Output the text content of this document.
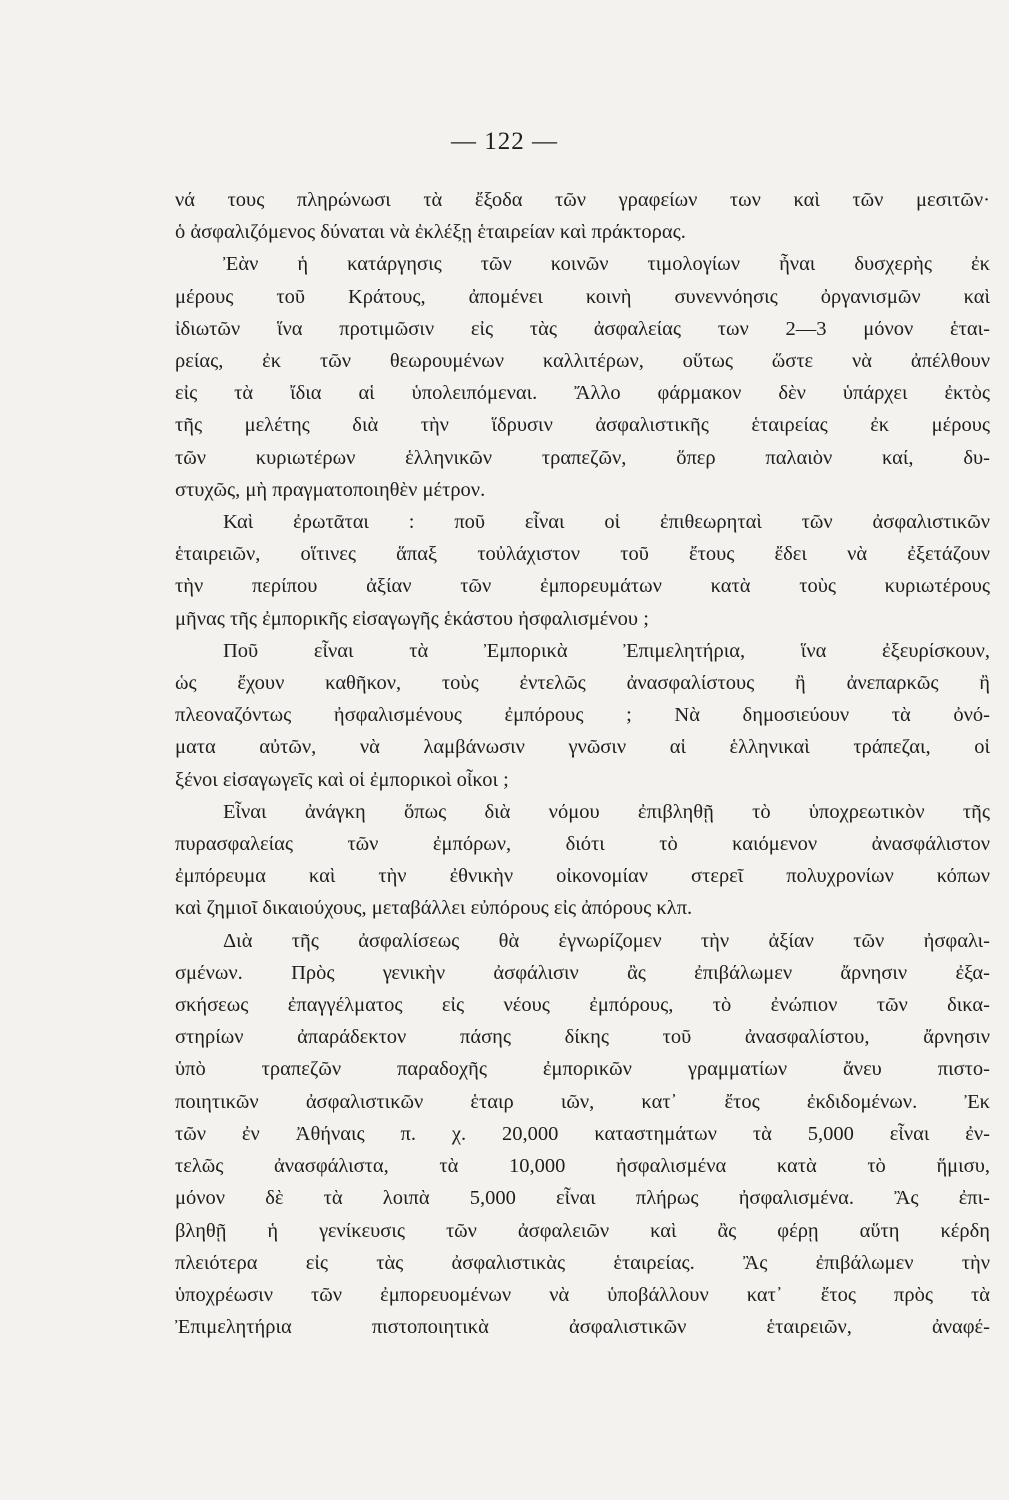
— 122 —
νά τους πληρώνωσι τὰ ἔξοδα τῶν γραφείων των καὶ τῶν μεσιτῶν·
ὁ ἀσφαλιζόμενος δύναται νὰ ἐκλέξῃ ἑταιρείαν καὶ πράκτορας.
Ἐὰν ἡ κατάργησις τῶν κοινῶν τιμολογίων ἦναι δυσχερὴς ἐκ
μέρους τοῦ Κράτους, ἀπομένει κοινὴ συνεννόησις ὀργανισμῶν καὶ
ἰδιωτῶν ἵνα προτιμῶσιν εἰς τὰς ἀσφαλείας των 2—3 μόνον ἑται-
ρείας, ἐκ τῶν θεωρουμένων καλλιτέρων, οὕτως ὥστε νὰ ἀπέλθουν
εἰς τὰ ἴδια αἱ ὑπολειπόμεναι. Ἄλλο φάρμακον δὲν ὑπάρχει ἐκτὸς
τῆς μελέτης διὰ τὴν ἵδρυσιν ἀσφαλιστικῆς ἑταιρείας ἐκ μέρους
τῶν κυριωτέρων ἑλληνικῶν τραπεζῶν, ὅπερ παλαιὸν καί, δυ-
στυχῶς, μὴ πραγματοποιηθὲν μέτρον.
Καὶ ἐρωτᾶται : ποῦ εἶναι οἱ ἐπιθεωρηταὶ τῶν ἀσφαλιστικῶν
ἑταιρειῶν, οἵτινες ἅπαξ τοὐλάχιστον τοῦ ἔτους ἔδει νὰ ἐξετάζουν
τὴν περίπου ἀξίαν τῶν ἐμπορευμάτων κατὰ τοὺς κυριωτέρους
μῆνας τῆς ἐμπορικῆς εἰσαγωγῆς ἑκάστου ἠσφαλισμένου ;
Ποῦ εἶναι τὰ Ἐμπορικὰ Ἐπιμελητήρια, ἵνα ἐξευρίσκουν,
ὡς ἔχουν καθῆκον, τοὺς ἐντελῶς ἀνασφαλίστους ἢ ἀνεπαρκῶς ἢ
πλεοναζόντως ἠσφαλισμένους ἐμπόρους ; Νὰ δημοσιεύουν τὰ ὀνό-
ματα αὐτῶν, νὰ λαμβάνωσιν γνῶσιν αἱ ἑλληνικαὶ τράπεζαι, οἱ
ξένοι εἰσαγωγεῖς καὶ οἱ ἐμπορικοὶ οἶκοι ;
Εἶναι ἀνάγκη ὅπως διὰ νόμου ἐπιβληθῇ τὸ ὑποχρεωτικὸν τῆς
πυρασφαλείας τῶν ἐμπόρων, διότι τὸ καιόμενον ἀνασφάλιστον
ἐμπόρευμα καὶ τὴν ἐθνικὴν οἰκονομίαν στερεῖ πολυχρονίων κόπων
καὶ ζημιοῖ δικαιούχους, μεταβάλλει εὐπόρους εἰς ἀπόρους κλπ.
Διὰ τῆς ἀσφαλίσεως θὰ ἐγνωρίζομεν τὴν ἀξίαν τῶν ἠσφαλι-
σμένων. Πρὸς γενικὴν ἀσφάλισιν ἂς ἐπιβάλωμεν ἄρνησιν ἐξα-
σκήσεως ἐπαγγέλματος εἰς νέους ἐμπόρους, τὸ ἐνώπιον τῶν δικα-
στηρίων ἀπαράδεκτον πάσης δίκης τοῦ ἀνασφαλίστου, ἄρνησιν
ὑπὸ τραπεζῶν παραδοχῆς ἐμπορικῶν γραμματίων ἄνευ πιστο-
ποιητικῶν ἀσφαλιστικῶν ἑταιρ ιῶν, κατ᾿ ἔτος ἐκδιδομένων. Ἐκ
τῶν ἐν Ἀθήναις π. χ. 20,000 καταστημάτων τὰ 5,000 εἶναι ἐν-
τελῶς ἀνασφάλιστα, τὰ 10,000 ἠσφαλισμένα κατὰ τὸ ἥμισυ,
μόνον δὲ τὰ λοιπὰ 5,000 εἶναι πλήρως ἠσφαλισμένα. Ἂς ἐπι-
βληθῇ ἡ γενίκευσις τῶν ἀσφαλειῶν καὶ ἂς φέρῃ αὕτη κέρδη
πλειότερα εἰς τὰς ἀσφαλιστικὰς ἑταιρείας. Ἂς ἐπιβάλωμεν τὴν
ὑποχρέωσιν τῶν ἐμπορευομένων νὰ ὑποβάλλουν κατ᾿ ἔτος πρὸς τὰ
Ἐπιμελητήρια πιστοποιητικὰ ἀσφαλιστικῶν ἑταιρειῶν, ἀναφέ-
